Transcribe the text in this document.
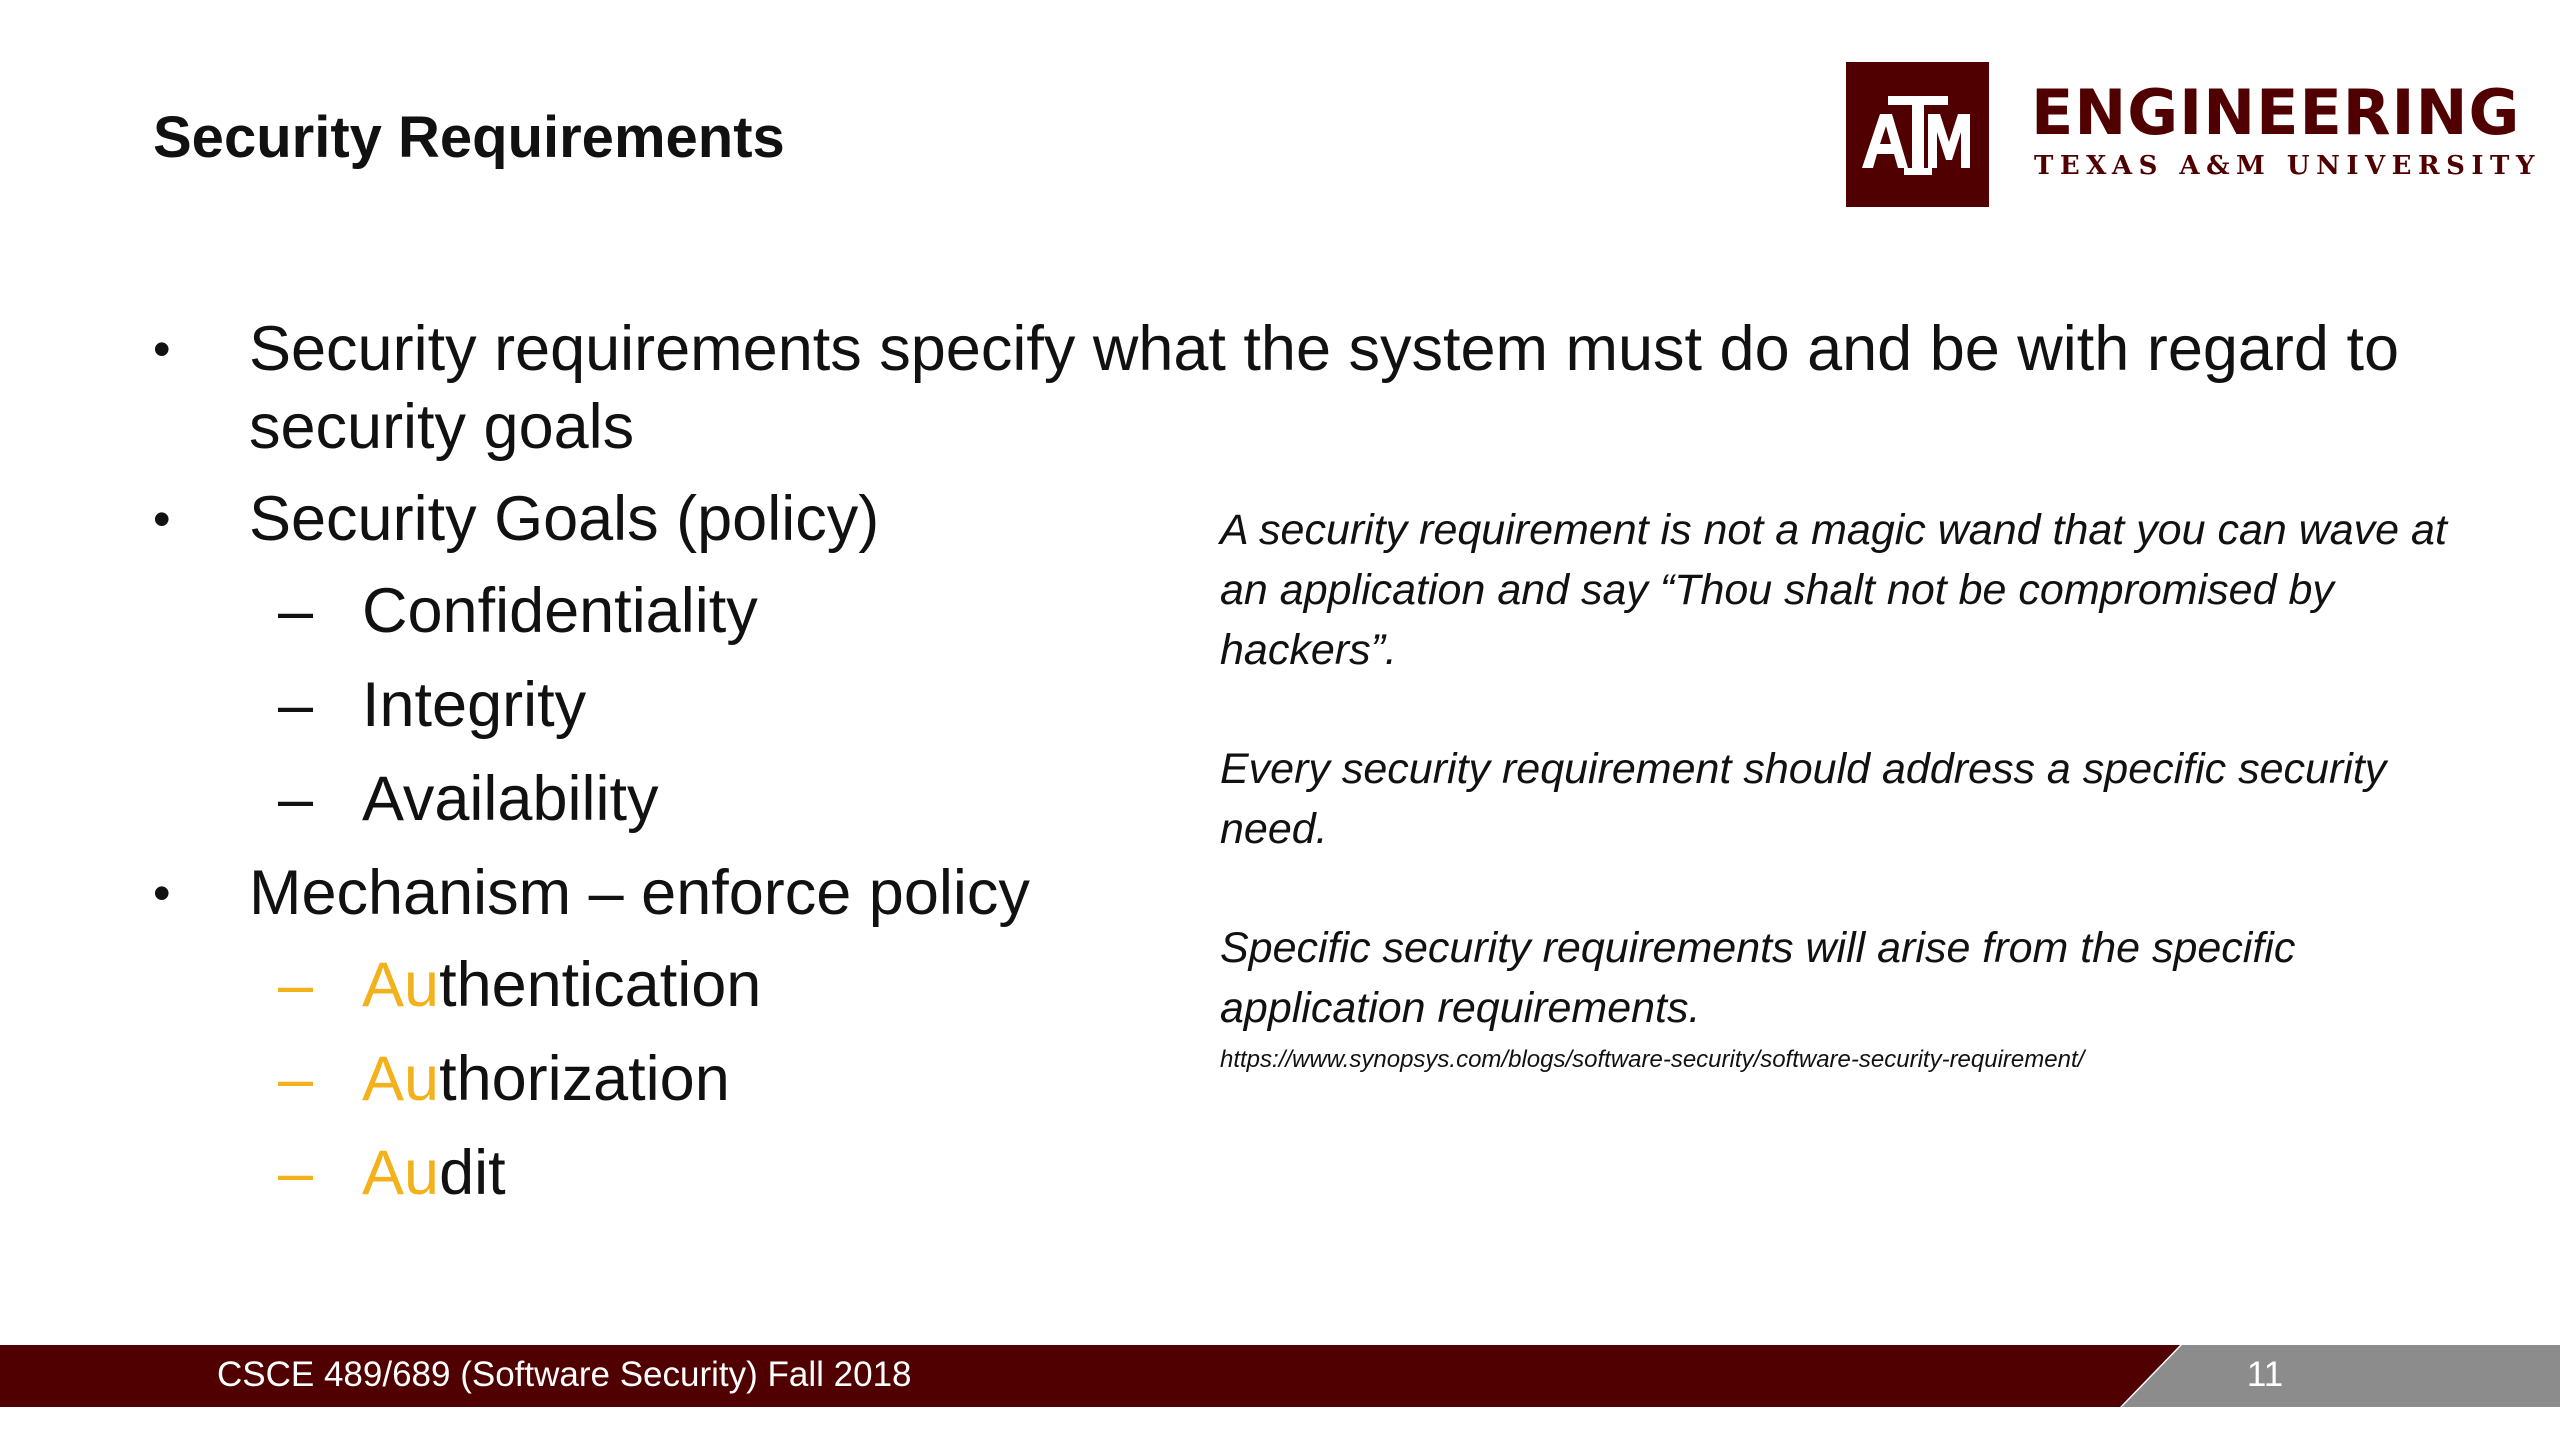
Security Requirements	ENGINEERING
TEXAS A&M UNIVERSITY
• Security requirements specify what the system must do and be with regard to security goals
• Security Goals (policy)
– Confidentiality
– Integrity
– Availability
• Mechanism – enforce policy
– Authentication
– Authorization
– Audit

A security requirement is not a magic wand that you can wave at an application and say “Thou shalt not be compromised by hackers”.

Every security requirement should address a specific security need.

Specific security requirements will arise from the specific application requirements.

https://www.synopsys.com/blogs/software-security/software-security-requirement/

CSCE 489/689 (Software Security) Fall 2018	11
